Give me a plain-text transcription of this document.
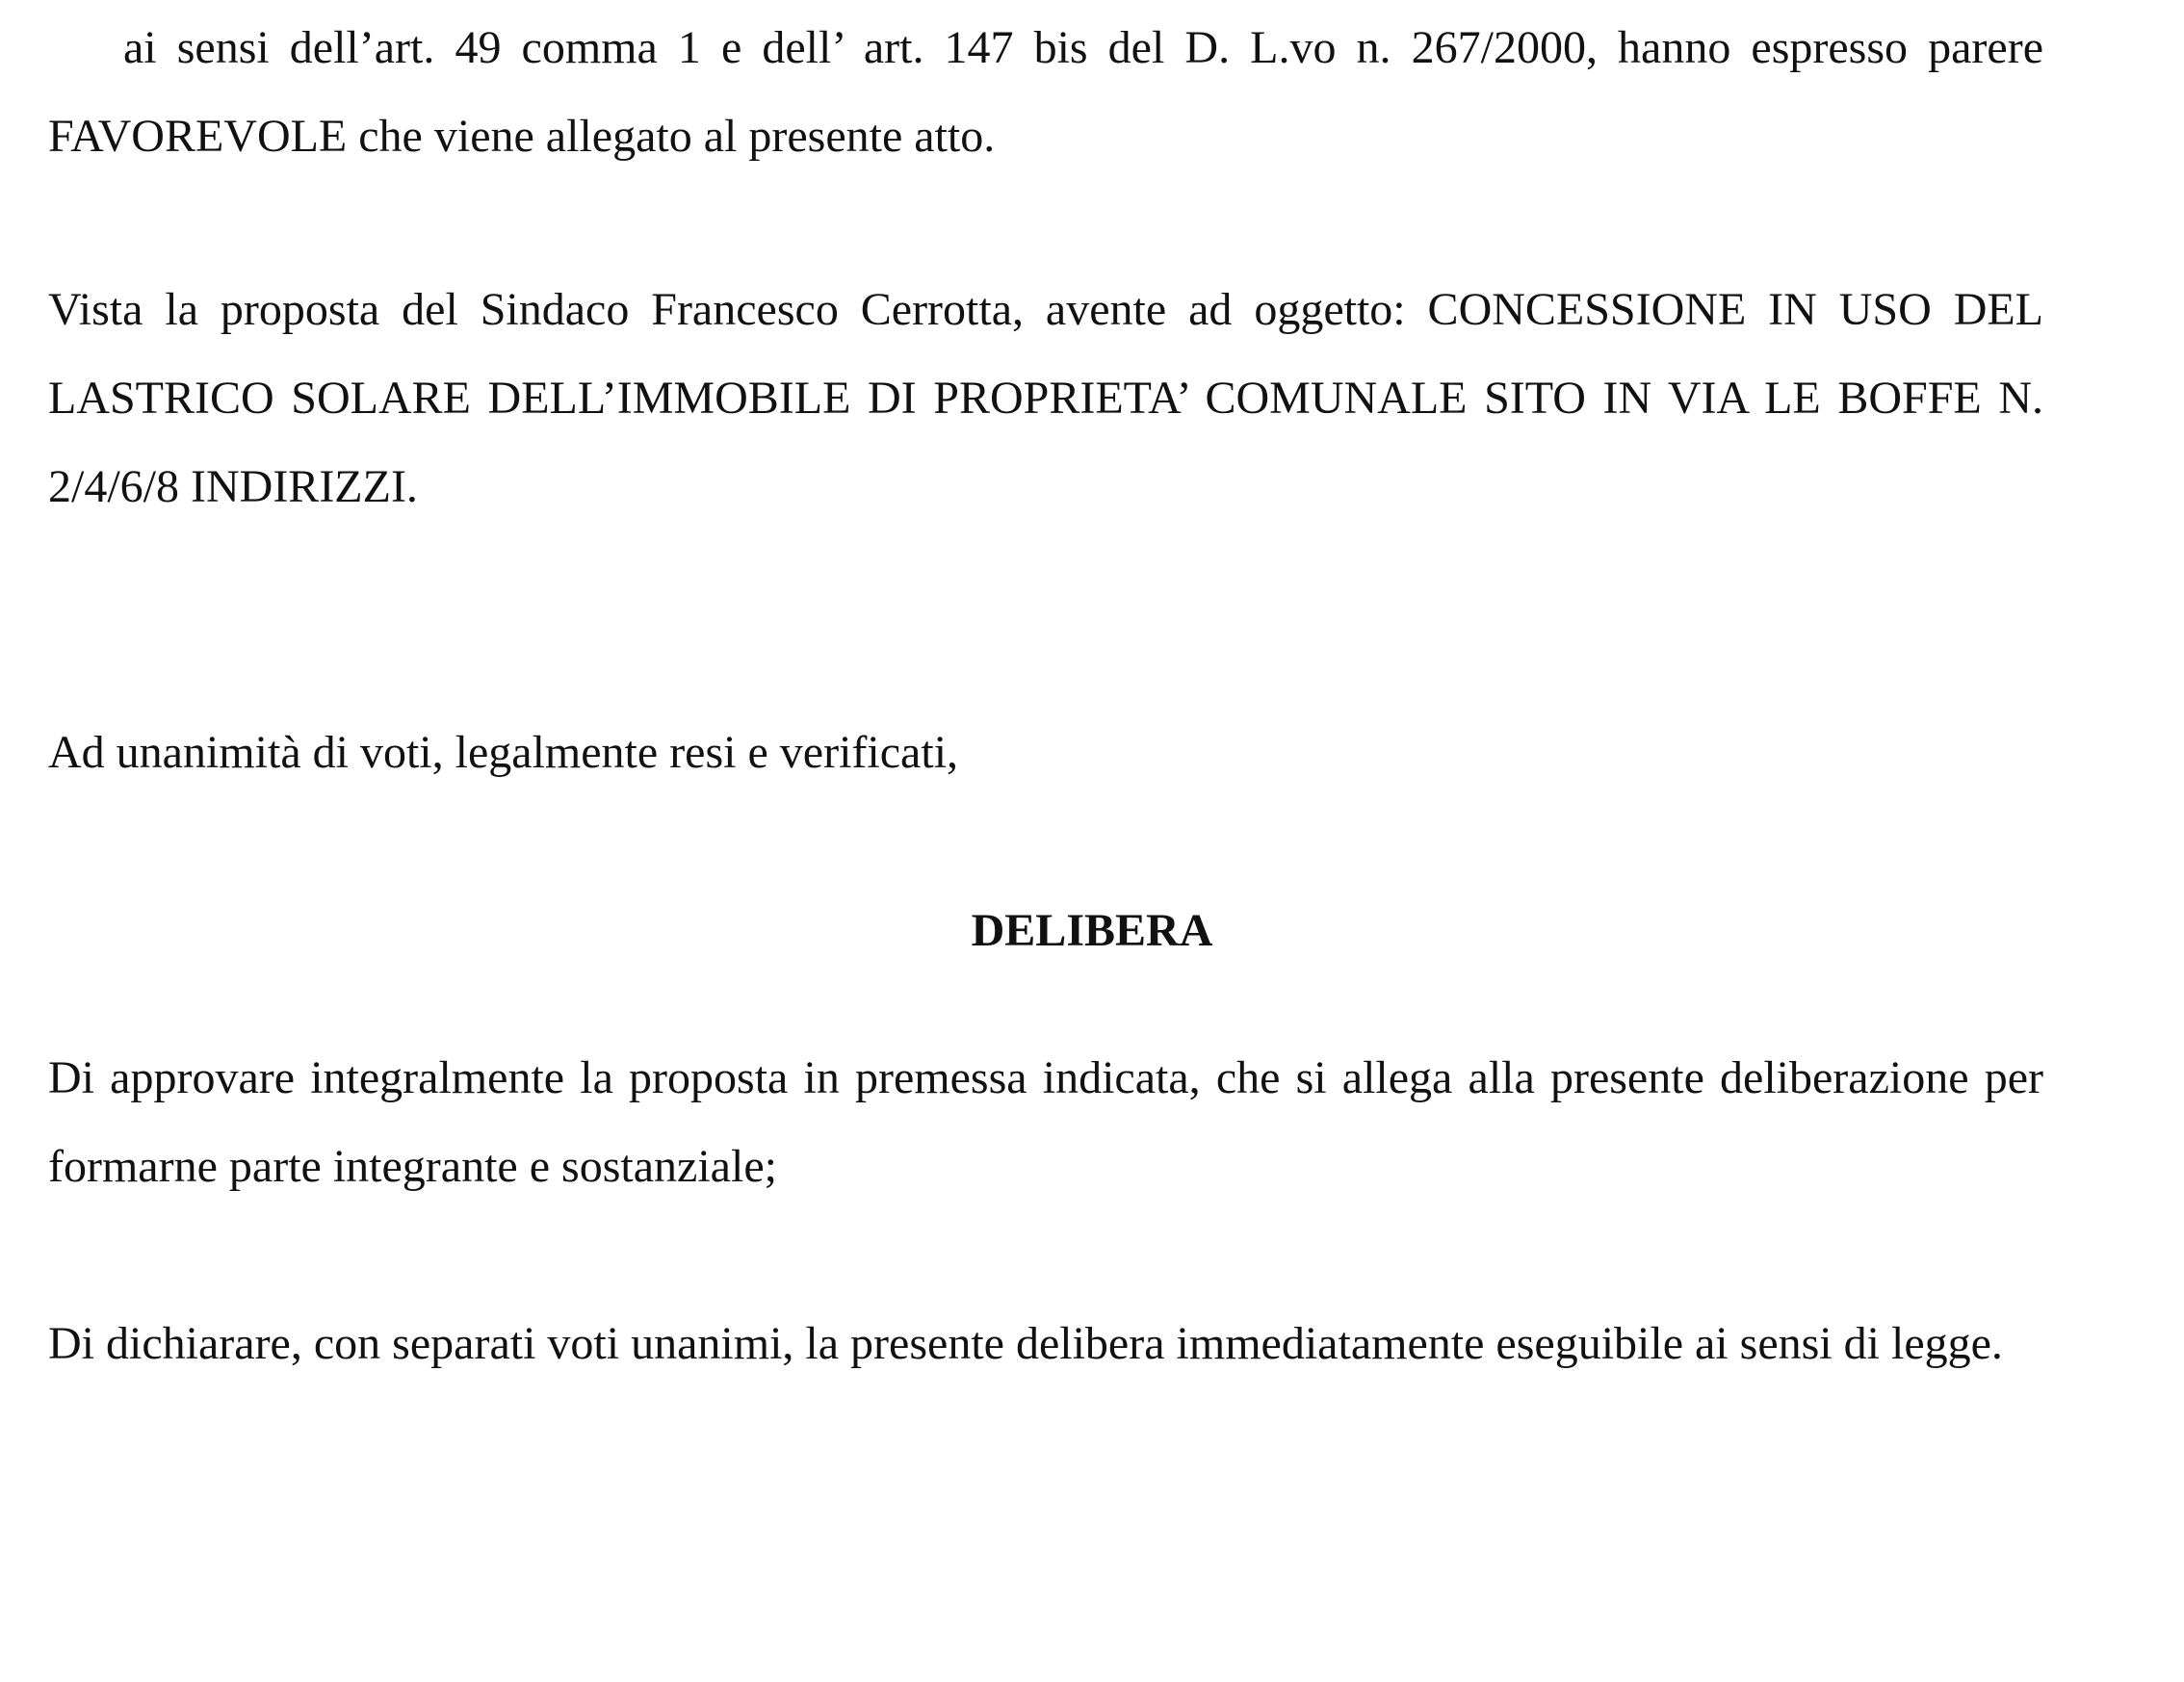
ai sensi dell’art. 49 comma 1 e dell’ art. 147 bis del D. L.vo n. 267/2000, hanno espresso parere FAVOREVOLE che viene allegato al presente atto.

Vista la proposta del Sindaco Francesco Cerrotta, avente ad oggetto: CONCESSIONE IN USO DEL LASTRICO SOLARE DELL’IMMOBILE DI PROPRIETA’ COMUNALE SITO IN VIA LE BOFFE N. 2/4/6/8 INDIRIZZI.

Ad unanimità di voti, legalmente resi e verificati,

DELIBERA

Di approvare integralmente la proposta in premessa indicata, che si allega alla presente deliberazione per formarne parte integrante e sostanziale;

Di dichiarare, con separati voti unanimi, la presente delibera immediatamente eseguibile ai sensi di legge.
